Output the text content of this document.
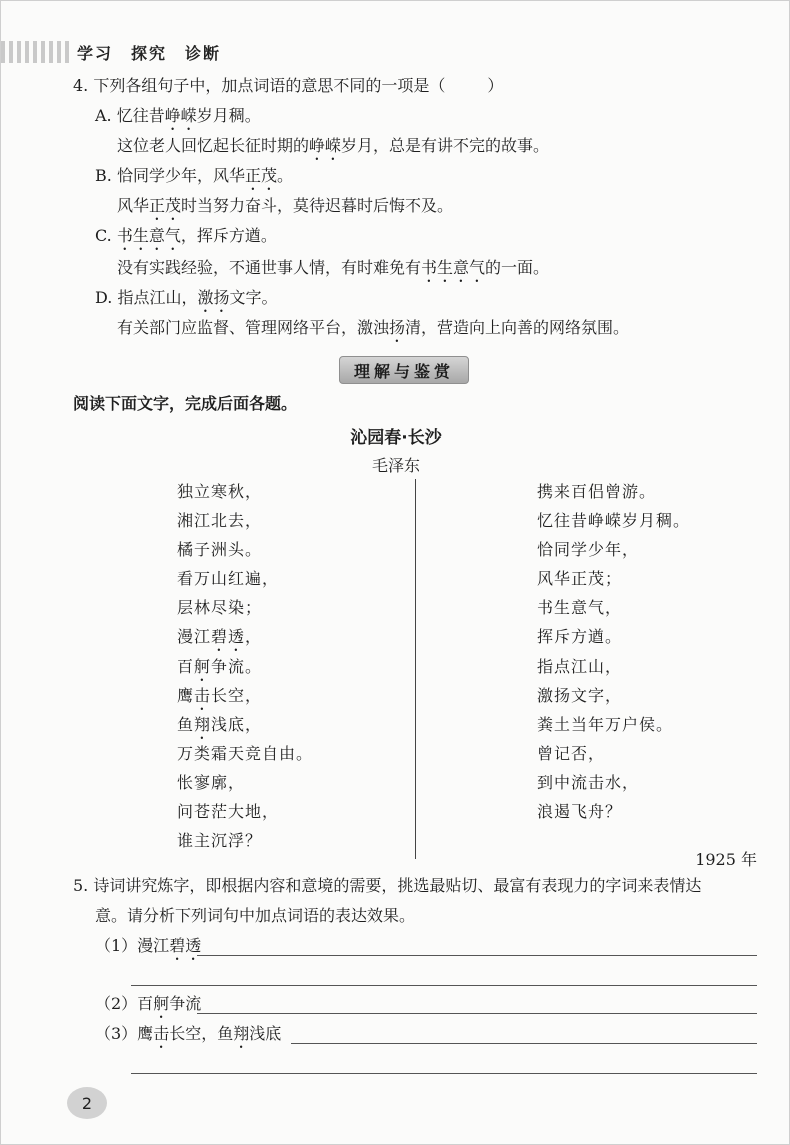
学习　探究　诊断
4. 下列各组句子中，加点词语的意思不同的一项是（	）
A. 忆往昔峥嵘岁月稠。
这位老人回忆起长征时期的峥嵘岁月，总是有讲不完的故事。
B. 恰同学少年，风华正茂。
风华正茂时当努力奋斗，莫待迟暮时后悔不及。
C. 书生意气，挥斥方遒。
没有实践经验，不通世事人情，有时难免有书生意气的一面。
D. 指点江山，激扬文字。
有关部门应监督、管理网络平台，激浊扬清，营造向上向善的网络氛围。
理解与鉴赏
阅读下面文字，完成后面各题。
沁园春·长沙
毛泽东
独立寒秋，
湘江北去，
橘子洲头。
看万山红遍，
层林尽染；
漫江碧透，
百舸争流。
鹰击长空，
鱼翔浅底，
万类霜天竞自由。
怅寥廓，
问苍茫大地，
谁主沉浮？
携来百侣曾游。
忆往昔峥嵘岁月稠。
恰同学少年，
风华正茂；
书生意气，
挥斥方遒。
指点江山，
激扬文字，
粪土当年万户侯。
曾记否，
到中流击水，
浪遏飞舟？
1925 年
5. 诗词讲究炼字，即根据内容和意境的需要，挑选最贴切、最富有表现力的字词来表情达
意。请分析下列词句中加点词语的表达效果。
（1）漫江碧透
（2）百舸争流
（3）鹰击长空，鱼翔浅底
2
